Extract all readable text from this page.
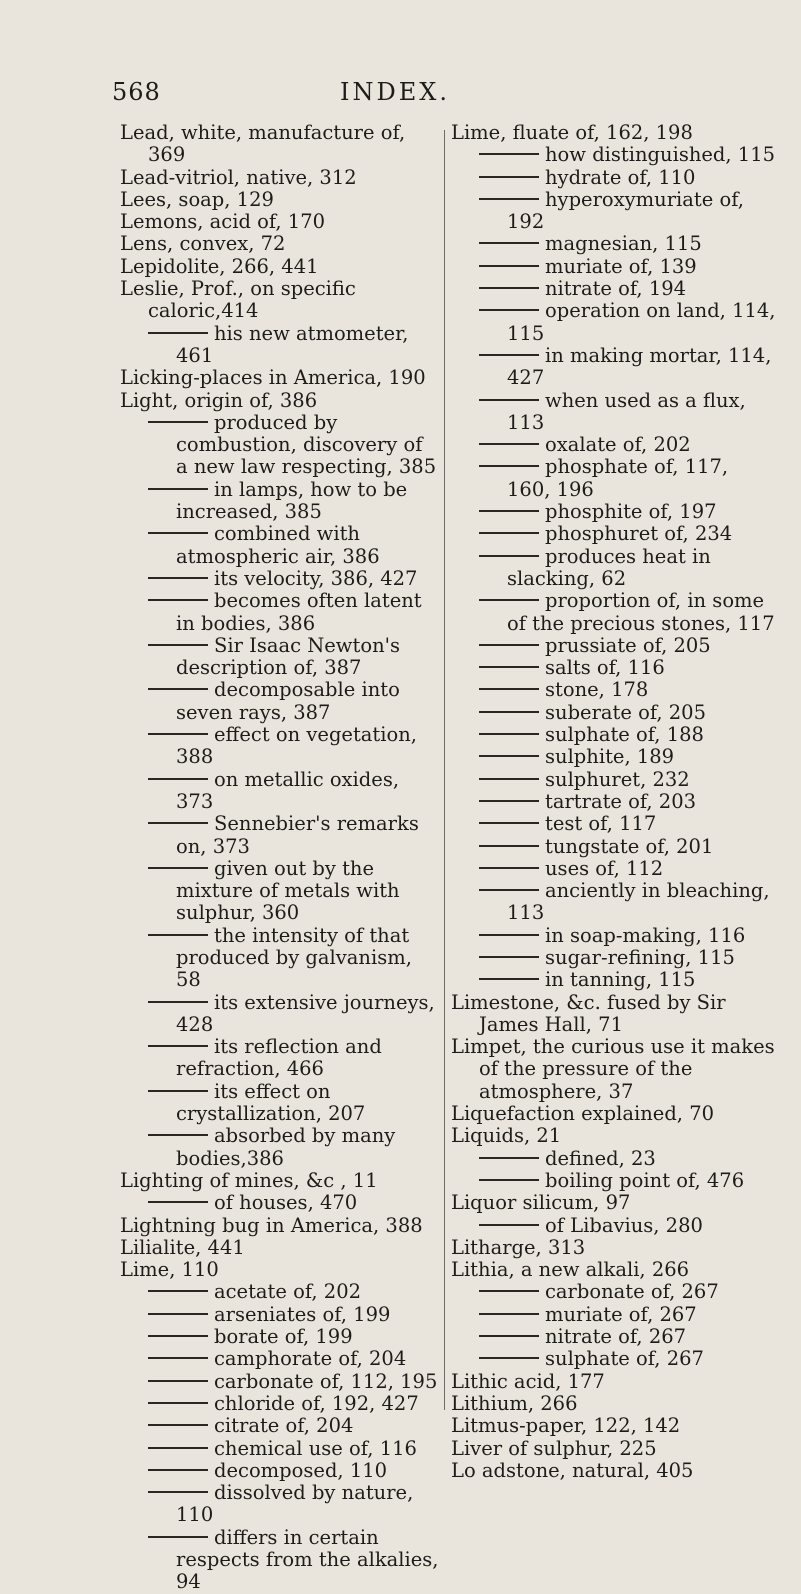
568	INDEX.
Lead, white, manufacture of, 369
Lead-vitriol, native, 312
Lees, soap, 129
Lemons, acid of, 170
Lens, convex, 72
Lepidolite, 266, 441
Leslie, Prof., on specific caloric,414
his new atmometer, 461
Licking-places in America, 190
Light, origin of, 386
produced by combustion, discovery of a new law respecting, 385
in lamps, how to be increased, 385
combined with atmospheric air, 386
its velocity, 386, 427
becomes often latent in bodies, 386
Sir Isaac Newton's description of, 387
decomposable into seven rays, 387
effect on vegetation, 388
on metallic oxides, 373
Sennebier's remarks on, 373
given out by the mixture of metals with sulphur, 360
the intensity of that produced by galvanism, 58
its extensive journeys, 428
its reflection and refraction, 466
its effect on crystallization, 207
absorbed by many bodies,386
Lighting of mines, &c , 11
of houses, 470
Lightning bug in America, 388
Lilialite, 441
Lime, 110
acetate of, 202
arseniates of, 199
borate of, 199
camphorate of, 204
carbonate of, 112, 195
chloride of, 192, 427
citrate of, 204
chemical use of, 116
decomposed, 110
dissolved by nature, 110
differs in certain respects from the alkalies, 94
Lime, fluate of, 162, 198
how distinguished, 115
hydrate of, 110
hyperoxymuriate of, 192
magnesian, 115
muriate of, 139
nitrate of, 194
operation on land, 114, 115
in making mortar, 114, 427
when used as a flux, 113
oxalate of, 202
phosphate of, 117, 160, 196
phosphite of, 197
phosphuret of, 234
produces heat in slacking, 62
proportion of, in some of the precious stones, 117
prussiate of, 205
salts of, 116
stone, 178
suberate of, 205
sulphate of, 188
sulphite, 189
sulphuret, 232
tartrate of, 203
test of, 117
tungstate of, 201
uses of, 112
anciently in bleaching, 113
in soap-making, 116
sugar-refining, 115
in tanning, 115
Limestone, &c. fused by Sir James Hall, 71
Limpet, the curious use it makes of the pressure of the atmosphere, 37
Liquefaction explained, 70
Liquids, 21
defined, 23
boiling point of, 476
Liquor silicum, 97
of Libavius, 280
Litharge, 313
Lithia, a new alkali, 266
carbonate of, 267
muriate of, 267
nitrate of, 267
sulphate of, 267
Lithic acid, 177
Lithium, 266
Litmus-paper, 122, 142
Liver of sulphur, 225
Lo adstone, natural, 405
